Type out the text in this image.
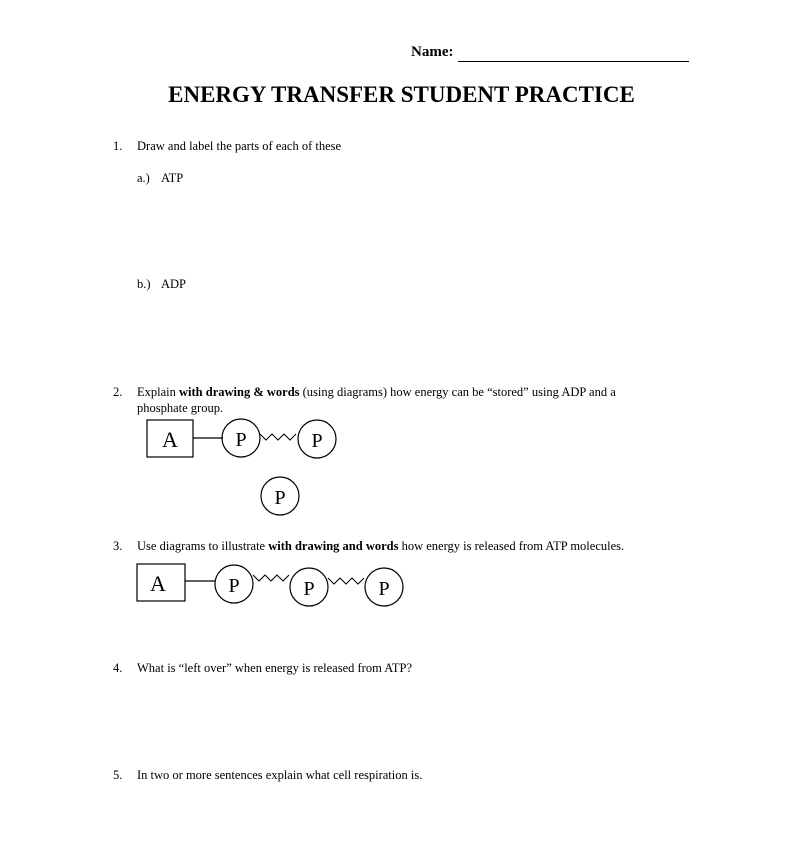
Name:
ENERGY TRANSFER STUDENT PRACTICE
1. Draw and label the parts of each of these
a.) ATP
b.) ADP
2. Explain with drawing & words (using diagrams) how energy can be “stored” using ADP and a
phosphate group.
A	P	P
P
A	P	P	P
3. Use diagrams to illustrate with drawing and words how energy is released from ATP molecules.
4. What is “left over” when energy is released from ATP?
5. In two or more sentences explain what cell respiration is.
